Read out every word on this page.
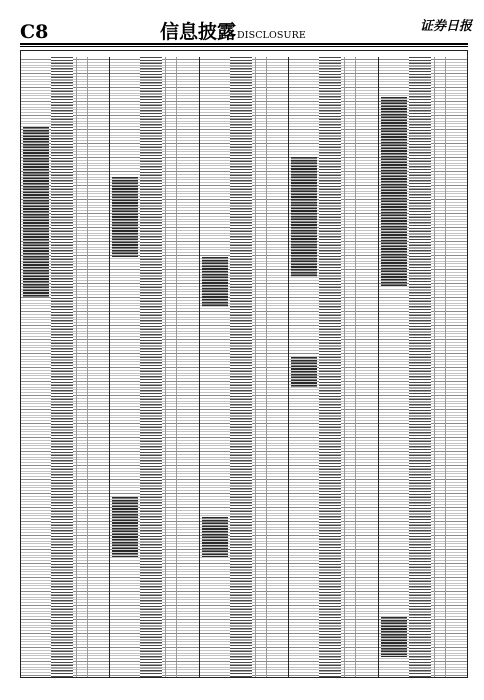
C8	信息披露DISCLOSURE
证券日报
